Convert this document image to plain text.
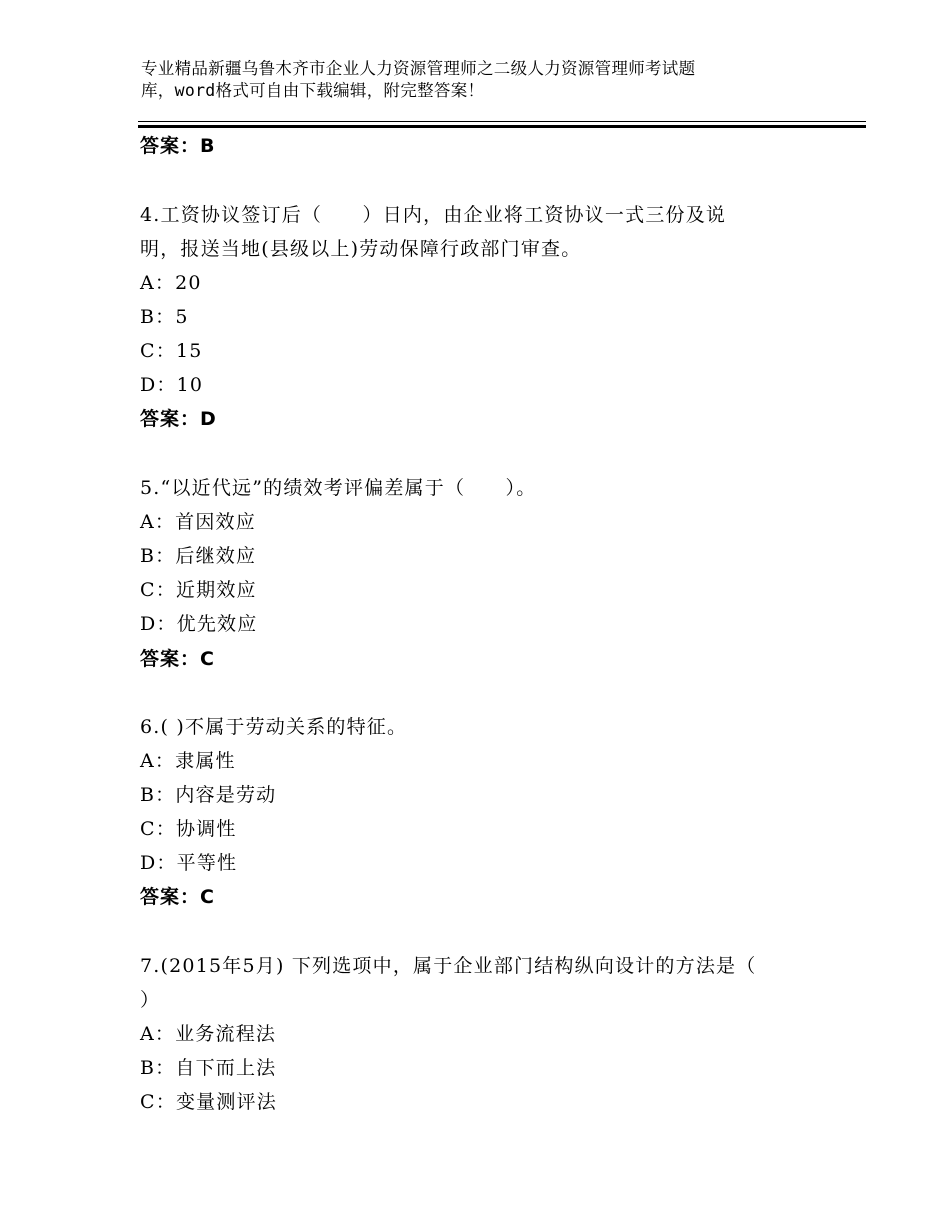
专业精品新疆乌鲁木齐市企业人力资源管理师之二级人力资源管理师考试题
库，word格式可自由下载编辑，附完整答案！
答案：B
4.工资协议签订后（　　）日内，由企业将工资协议一式三份及说
明，报送当地(县级以上)劳动保障行政部门审查。
A：20
B：5
C：15
D：10
答案：D
5.“以近代远”的绩效考评偏差属于（　　）。
A：首因效应
B：后继效应
C：近期效应
D：优先效应
答案：C
6.( )不属于劳动关系的特征。
A：隶属性
B：内容是劳动
C：协调性
D：平等性
答案：C
7.(2015年5月) 下列选项中，属于企业部门结构纵向设计的方法是（
）
A：业务流程法
B：自下而上法
C：变量测评法
